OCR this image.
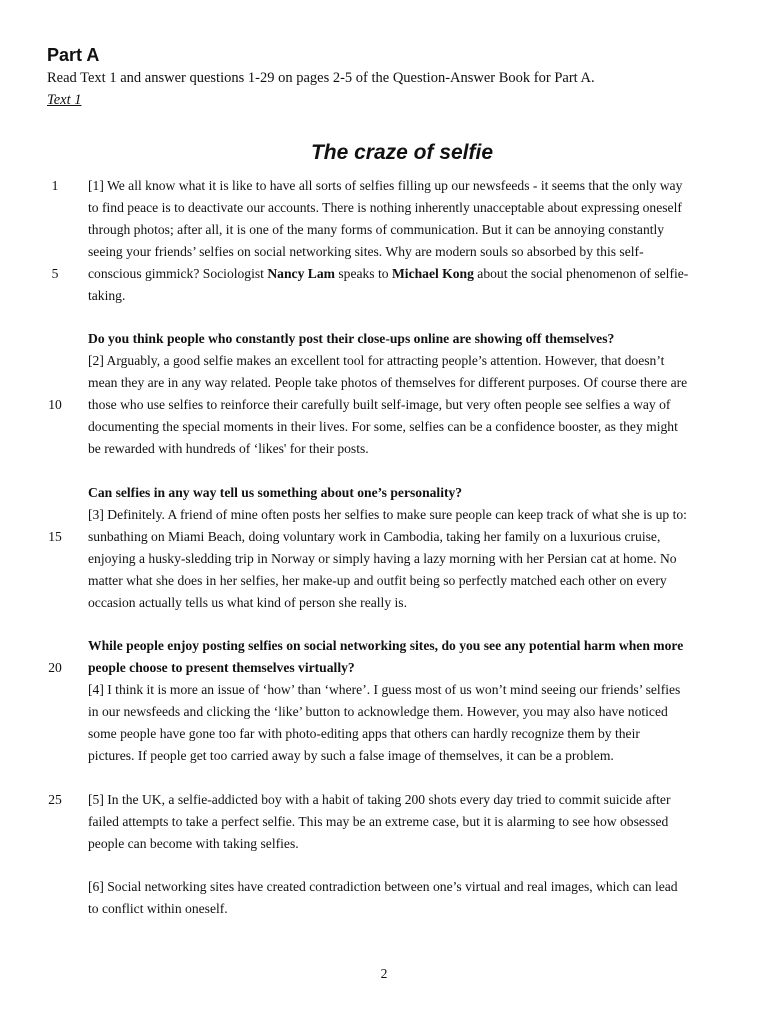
Part A
Read Text 1 and answer questions 1-29 on pages 2-5 of the Question-Answer Book for Part A.
Text 1
The craze of selfie
[1] We all know what it is like to have all sorts of selfies filling up our newsfeeds - it seems that the only way
to find peace is to deactivate our accounts. There is nothing inherently unacceptable about expressing oneself
through photos; after all, it is one of the many forms of communication. But it can be annoying constantly
seeing your friends’ selfies on social networking sites. Why are modern souls so absorbed by this self-
conscious gimmick? Sociologist Nancy Lam speaks to Michael Kong about the social phenomenon of selfie-
taking.
Do you think people who constantly post their close-ups online are showing off themselves?
[2] Arguably, a good selfie makes an excellent tool for attracting people’s attention. However, that doesn’t
mean they are in any way related. People take photos of themselves for different purposes. Of course there are
those who use selfies to reinforce their carefully built self-image, but very often people see selfies a way of
documenting the special moments in their lives. For some, selfies can be a confidence booster, as they might
be rewarded with hundreds of ‘likes' for their posts.
Can selfies in any way tell us something about one’s personality?
[3] Definitely. A friend of mine often posts her selfies to make sure people can keep track of what she is up to:
sunbathing on Miami Beach, doing voluntary work in Cambodia, taking her family on a luxurious cruise,
enjoying a husky-sledding trip in Norway or simply having a lazy morning with her Persian cat at home. No
matter what she does in her selfies, her make-up and outfit being so perfectly matched each other on every
occasion actually tells us what kind of person she really is.
While people enjoy posting selfies on social networking sites, do you see any potential harm when more
people choose to present themselves virtually?
[4] I think it is more an issue of ‘how’ than ‘where’. I guess most of us won’t mind seeing our friends’ selfies
in our newsfeeds and clicking the ‘like’ button to acknowledge them. However, you may also have noticed
some people have gone too far with photo-editing apps that others can hardly recognize them by their
pictures. If people get too carried away by such a false image of themselves, it can be a problem.
[5] In the UK, a selfie-addicted boy with a habit of taking 200 shots every day tried to commit suicide after
failed attempts to take a perfect selfie. This may be an extreme case, but it is alarming to see how obsessed
people can become with taking selfies.
[6] Social networking sites have created contradiction between one’s virtual and real images, which can lead
to conflict within oneself.
1
5
10
15
20
25
2
